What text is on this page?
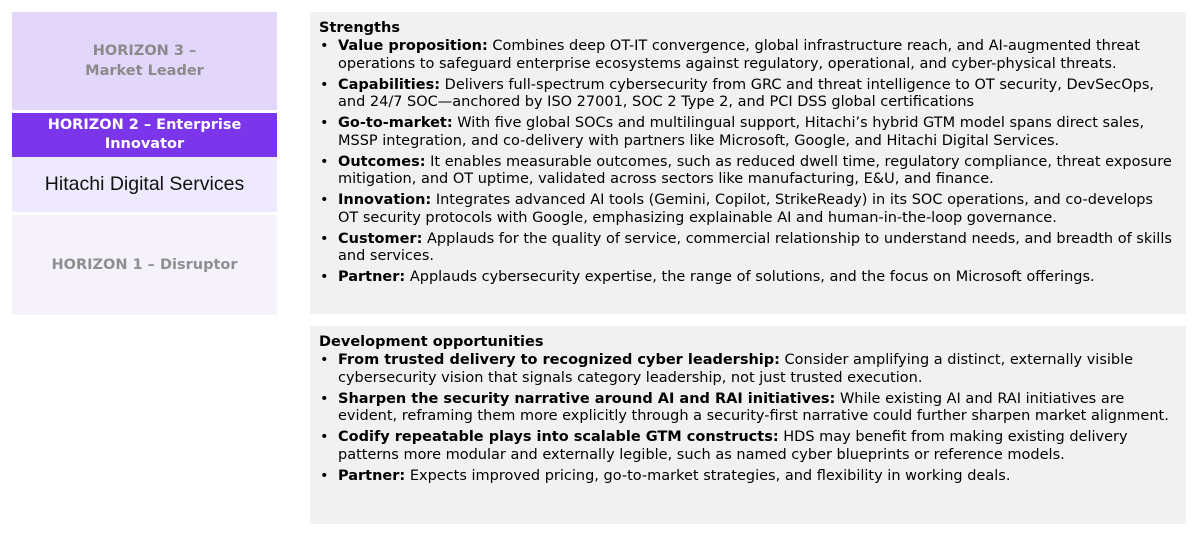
HORIZON 3 –
Market Leader
HORIZON 2 – Enterprise
Innovator
Hitachi Digital Services
HORIZON 1 – Disruptor
Strengths
• Value proposition: Combines deep OT-IT convergence, global infrastructure reach, and AI-augmented threat operations to safeguard enterprise ecosystems against regulatory, operational, and cyber-physical threats.
• Capabilities: Delivers full-spectrum cybersecurity from GRC and threat intelligence to OT security, DevSecOps, and 24/7 SOC—anchored by ISO 27001, SOC 2 Type 2, and PCI DSS global certifications
• Go-to-market: With five global SOCs and multilingual support, Hitachi’s hybrid GTM model spans direct sales, MSSP integration, and co-delivery with partners like Microsoft, Google, and Hitachi Digital Services.
• Outcomes: It enables measurable outcomes, such as reduced dwell time, regulatory compliance, threat exposure mitigation, and OT uptime, validated across sectors like manufacturing, E&U, and finance.
• Innovation: Integrates advanced AI tools (Gemini, Copilot, StrikeReady) in its SOC operations, and co-develops OT security protocols with Google, emphasizing explainable AI and human-in-the-loop governance.
• Customer: Applauds for the quality of service, commercial relationship to understand needs, and breadth of skills and services.
• Partner: Applauds cybersecurity expertise, the range of solutions, and the focus on Microsoft offerings.
Development opportunities
• From trusted delivery to recognized cyber leadership: Consider amplifying a distinct, externally visible cybersecurity vision that signals category leadership, not just trusted execution.
• Sharpen the security narrative around AI and RAI initiatives: While existing AI and RAI initiatives are evident, reframing them more explicitly through a security-first narrative could further sharpen market alignment.
• Codify repeatable plays into scalable GTM constructs: HDS may benefit from making existing delivery patterns more modular and externally legible, such as named cyber blueprints or reference models.
• Partner: Expects improved pricing, go-to-market strategies, and flexibility in working deals.
